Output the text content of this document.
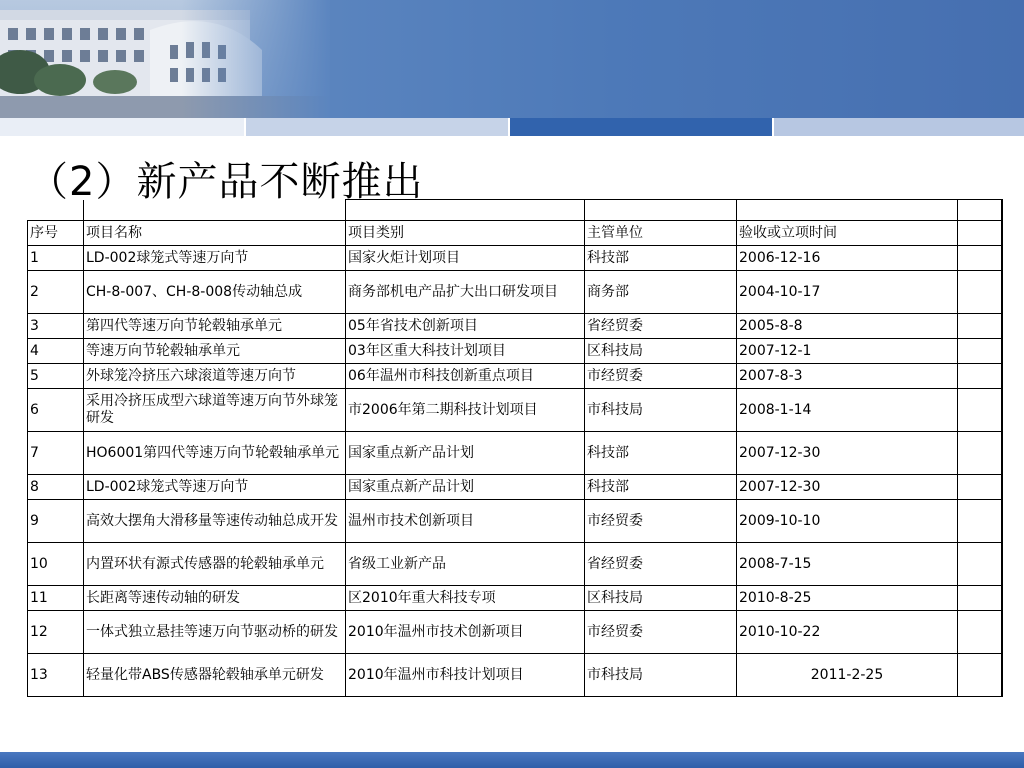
（2）新产品不断推出

序号	项目名称	项目类别	主管单位	验收或立项时间	
1	LD-002球笼式等速万向节	国家火炬计划项目	科技部	2006-12-16	
2	CH-8-007、CH-8-008传动轴总成	商务部机电产品扩大出口研发项目	商务部	2004-10-17	
3	第四代等速万向节轮毂轴承单元	05年省技术创新项目	省经贸委	2005-8-8	
4	等速万向节轮毂轴承单元	03年区重大科技计划项目	区科技局	2007-12-1	
5	外球笼冷挤压六球滚道等速万向节	06年温州市科技创新重点项目	市经贸委	2007-8-3	
6	采用冷挤压成型六球道等速万向节外球笼研发	市2006年第二期科技计划项目	市科技局	2008-1-14	
7	HO6001第四代等速万向节轮毂轴承单元	国家重点新产品计划	科技部	2007-12-30	
8	LD-002球笼式等速万向节	国家重点新产品计划	科技部	2007-12-30	
9	高效大摆角大滑移量等速传动轴总成开发	温州市技术创新项目	市经贸委	2009-10-10	
10	内置环状有源式传感器的轮毂轴承单元	省级工业新产品	省经贸委	2008-7-15	
11	长距离等速传动轴的研发	区2010年重大科技专项	区科技局	2010-8-25	
12	一体式独立悬挂等速万向节驱动桥的研发	2010年温州市技术创新项目	市经贸委	2010-10-22	
13	轻量化带ABS传感器轮毂轴承单元研发	2010年温州市科技计划项目	市科技局	2011-2-25	
